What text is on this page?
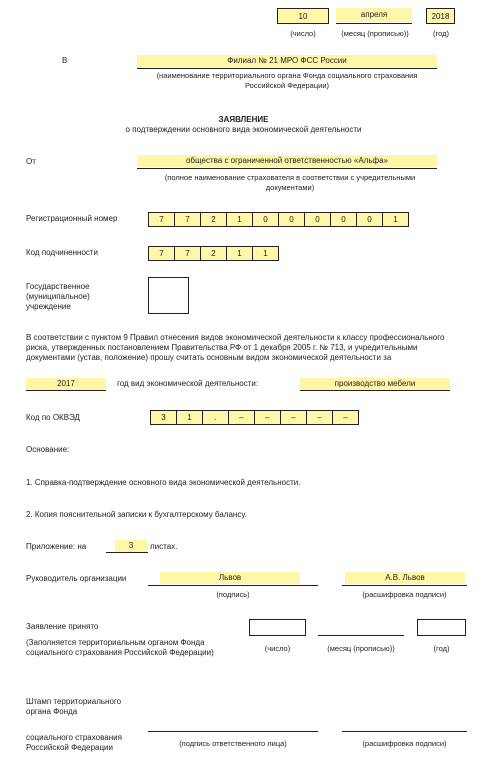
10	апреля	2018
(число)	(месяц (прописью))	(год)
В	Филиал № 21 МРО ФСС России
(наименование территориального органа Фонда социального страхования Российской Федерации)
ЗАЯВЛЕНИЕ
о подтверждении основного вида экономической деятельности
От	общества с ограниченной ответственностью «Альфа»
(полное наименование страхователя в соответствии с учредительными документами)
Регистрационный номер	7	7	2	1	0	0	0	0	0	1
Код подчиненности	7	7	2	1	1
Государственное (муниципальное) учреждение
В соответствии с пунктом 9 Правил отнесения видов экономической деятельности к классу профессионального риска, утвержденных постановлением Правительства РФ от 1 декабря 2005 г. № 713, и учредительными документами (устав, положение) прошу считать основным видом экономической деятельности за
2017	год вид экономической деятельности:	производство мебели
Код по ОКВЭД	3	1	.	–	–	–	–	–
Основание:
1. Справка-подтверждение основного вида экономической деятельности.
2. Копия пояснительной записки к бухгалтерскому балансу.
Приложение: на	3	листах.
Руководитель организации	Львов	А.В. Львов
(подпись)	(расшифровка подписи)
Заявление принято
(Заполняется территориальным органом Фонда социального страхования Российской Федерации)	(число)	(месяц (прописью))	(год)
Штамп территориального органа Фонда
социального страхования Российской Федерации	(подпись ответственного лица)	(расшифровка подписи)
